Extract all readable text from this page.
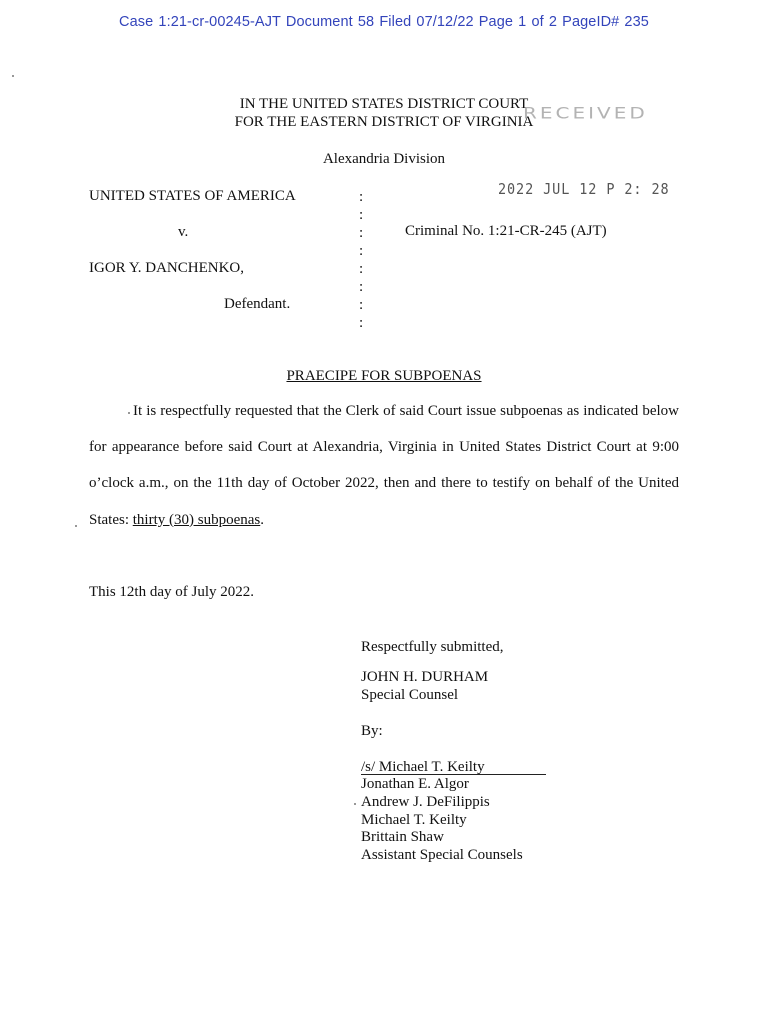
Case 1:21-cr-00245-AJT Document 58 Filed 07/12/22 Page 1 of 2 PageID# 235
IN THE UNITED STATES DISTRICT COURT
FOR THE EASTERN DISTRICT OF VIRGINIA
RECEIVED
Alexandria Division
2022 JUL 12 P 2: 28
UNITED STATES OF AMERICA
v.
IGOR Y. DANCHENKO,
Defendant.
:
:
:
:
:
:
:
:
Criminal No. 1:21-CR-245 (AJT)
PRAECIPE FOR SUBPOENAS
It is respectfully requested that the Clerk of said Court issue subpoenas as indicated below
for appearance before said Court at Alexandria, Virginia in United States District Court at 9:00
o’clock a.m., on the 11th day of October 2022, then and there to testify on behalf of the United
States: thirty (30) subpoenas.
This 12th day of July 2022.
Respectfully submitted,
JOHN H. DURHAM
Special Counsel
By:
/s/ Michael T. Keilty
Jonathan E. Algor
Andrew J. DeFilippis
Michael T. Keilty
Brittain Shaw
Assistant Special Counsels
